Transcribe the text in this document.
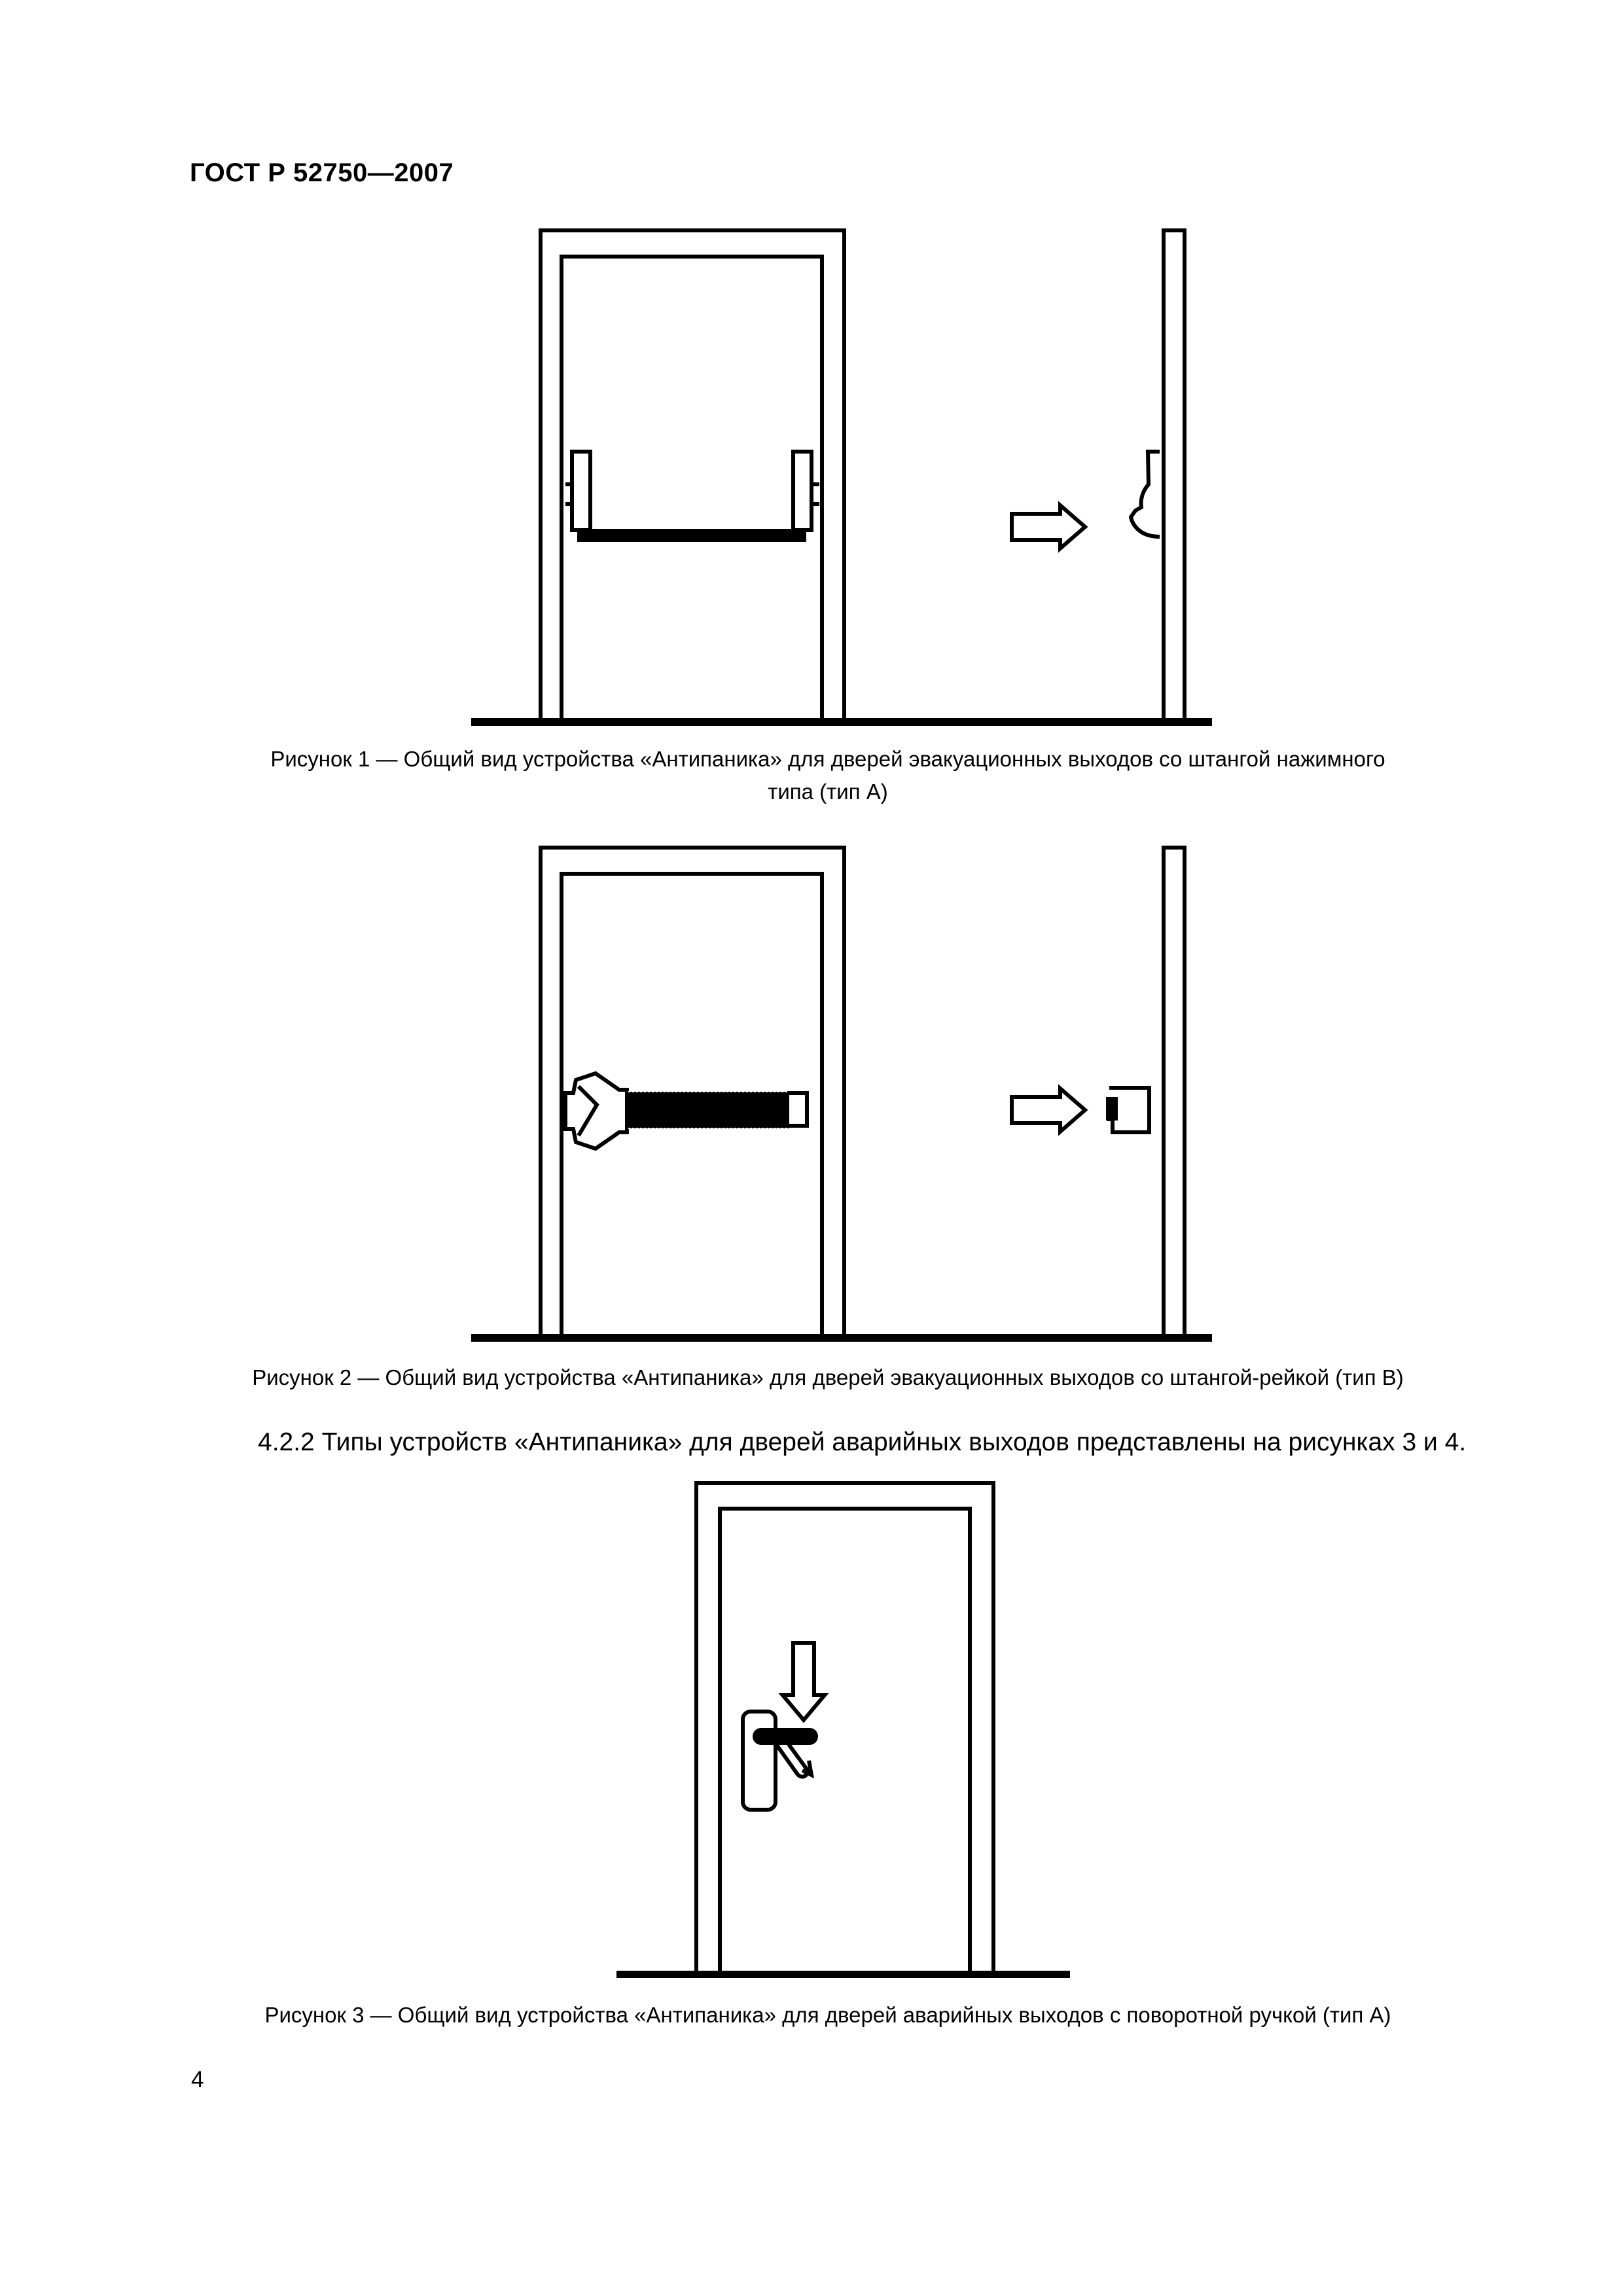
ГОСТ Р 52750—2007
Рисунок 1 — Общий вид устройства «Антипаника» для дверей эвакуационных выходов со штангой нажимного
типа (тип А)
Рисунок 2 — Общий вид устройства «Антипаника» для дверей эвакуационных выходов со штангой-рейкой (тип В)
4.2.2 Типы устройств «Антипаника» для дверей аварийных выходов представлены на рисунках 3 и 4.
Рисунок 3 — Общий вид устройства «Антипаника» для дверей аварийных выходов с поворотной ручкой (тип А)
4
